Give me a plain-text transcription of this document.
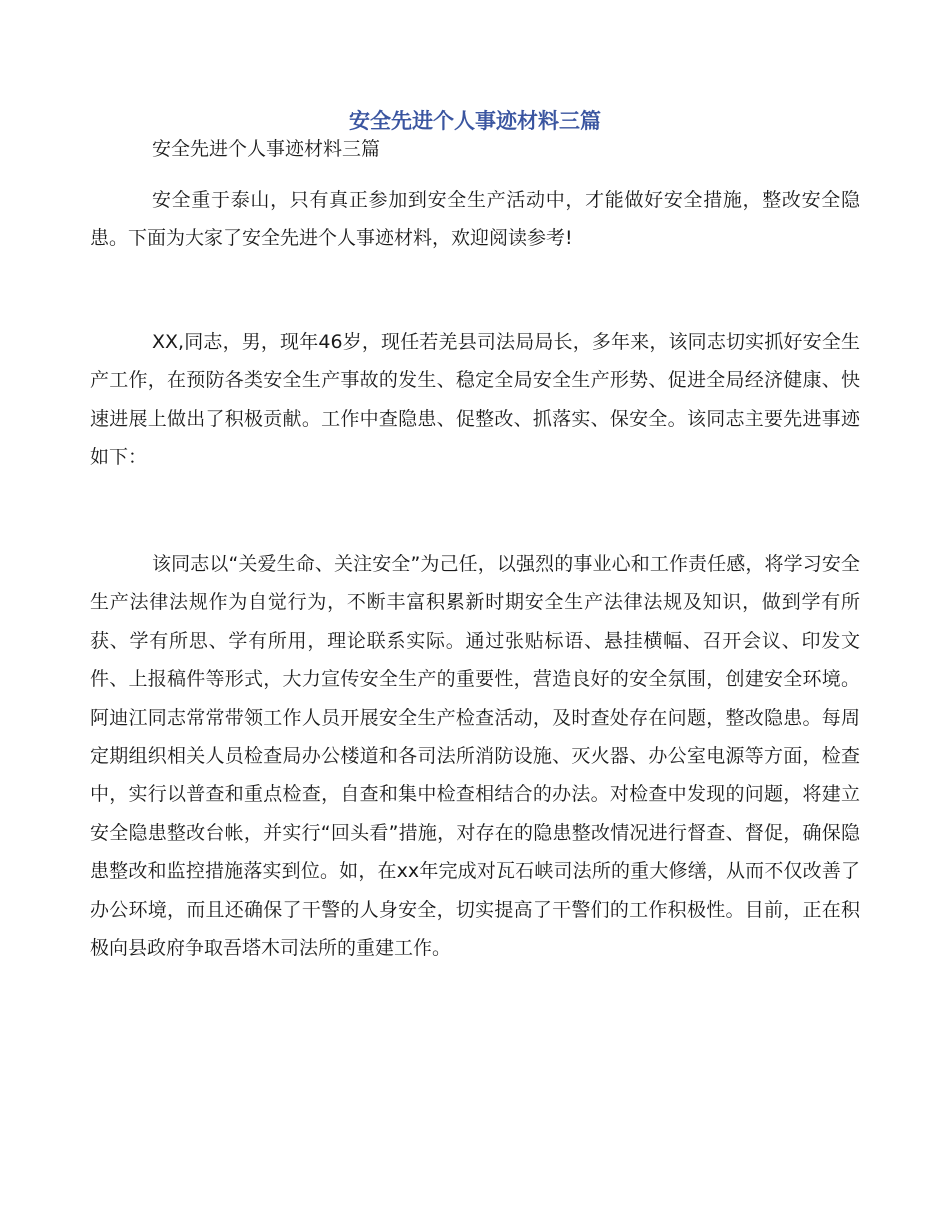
安全先进个人事迹材料三篇

安全先进个人事迹材料三篇

安全重于泰山，只有真正参加到安全生产活动中，才能做好安全措施，整改安全隐患。下面为大家了安全先进个人事迹材料，欢迎阅读参考!

XX,同志，男，现年46岁，现任若羌县司法局局长，多年来，该同志切实抓好安全生产工作，在预防各类安全生产事故的发生、稳定全局安全生产形势、促进全局经济健康、快速进展上做出了积极贡献。工作中查隐患、促整改、抓落实、保安全。该同志主要先进事迹如下：

该同志以“关爱生命、关注安全”为己任，以强烈的事业心和工作责任感，将学习安全生产法律法规作为自觉行为，不断丰富积累新时期安全生产法律法规及知识，做到学有所获、学有所思、学有所用，理论联系实际。通过张贴标语、悬挂横幅、召开会议、印发文件、上报稿件等形式，大力宣传安全生产的重要性，营造良好的安全氛围，创建安全环境。阿迪江同志常常带领工作人员开展安全生产检查活动，及时查处存在问题，整改隐患。每周定期组织相关人员检查局办公楼道和各司法所消防设施、灭火器、办公室电源等方面，检查中，实行以普查和重点检查，自查和集中检查相结合的办法。对检查中发现的问题，将建立安全隐患整改台帐，并实行“回头看”措施，对存在的隐患整改情况进行督查、督促，确保隐患整改和监控措施落实到位。如，在xx年完成对瓦石峡司法所的重大修缮，从而不仅改善了办公环境，而且还确保了干警的人身安全，切实提高了干警们的工作积极性。目前，正在积极向县政府争取吾塔木司法所的重建工作。
